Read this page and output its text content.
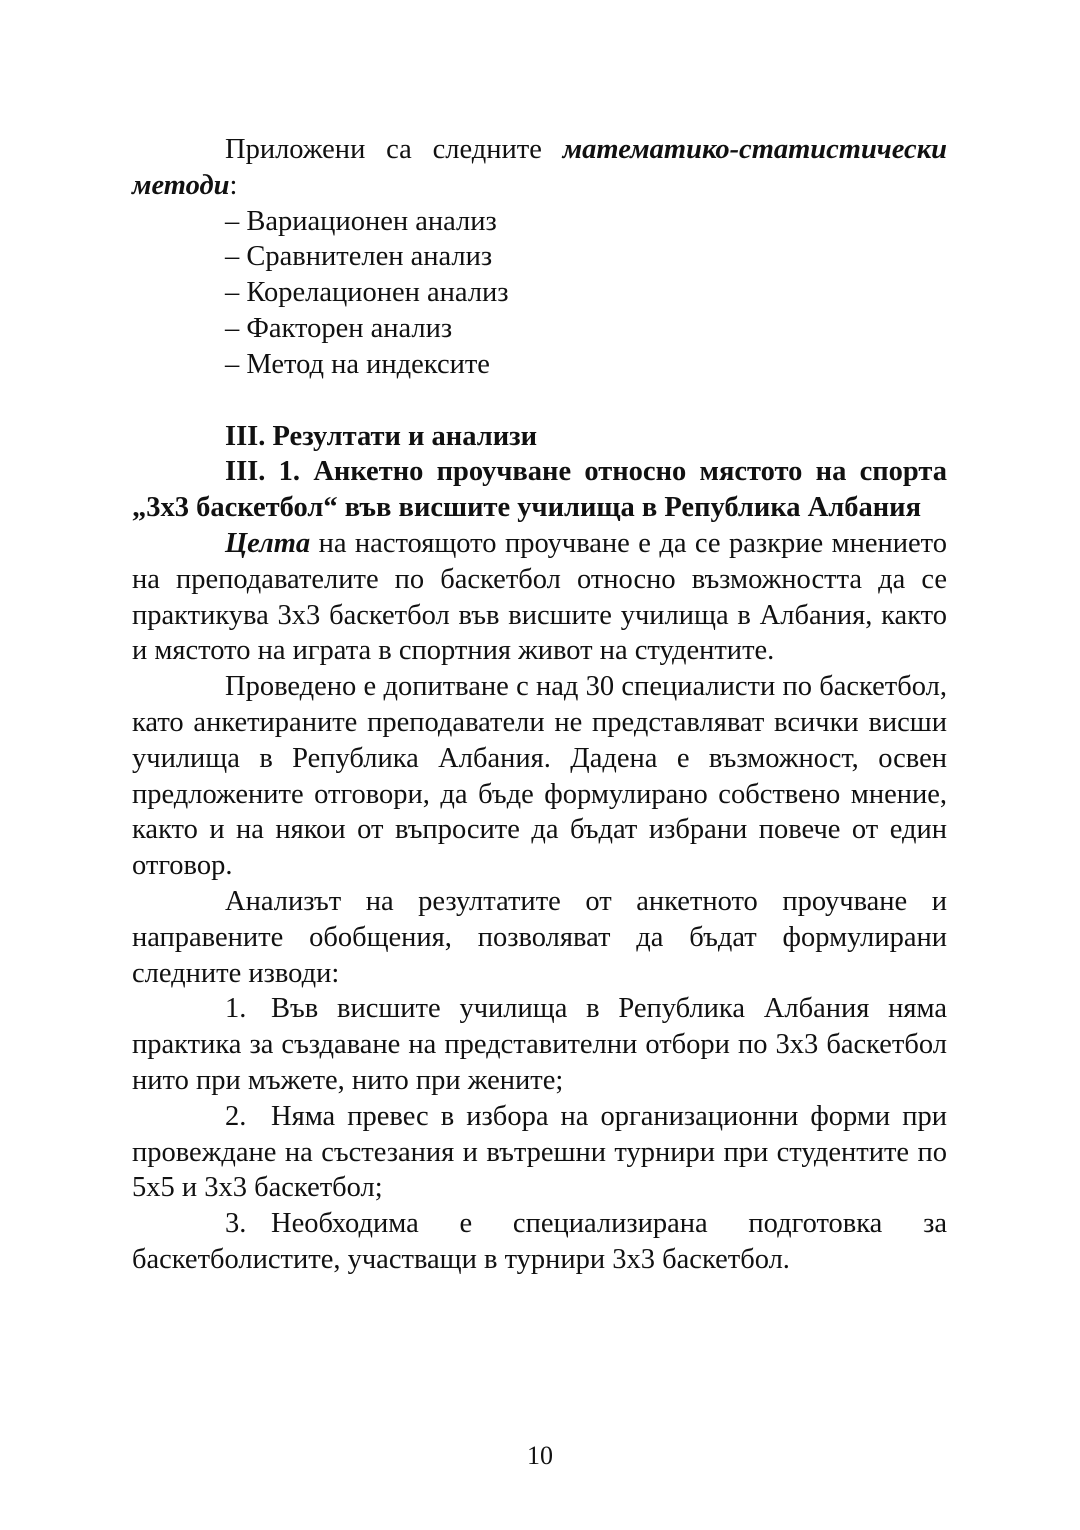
Приложени са следните математико-статистически методи:

– Вариационен анализ

– Сравнителен анализ

– Корелационен анализ

– Факторен анализ

– Метод на индексите

III. Резултати и анализи

III. 1. Анкетно проучване относно мястото на спорта „3x3 баскетбол“ във висшите училища в Република Албания

Целта на настоящото проучване е да се разкрие мнението на преподавателите по баскетбол относно възможността да се практикува 3x3 баскетбол във висшите училища в Албания, както и мястото на играта в спортния живот на студентите.

Проведено е допитване с над 30 специалисти по баскетбол, като анкетираните преподаватели не представляват всички висши училища в Република Албания. Дадена е възможност, освен предложените отговори, да бъде формулирано собствено мнение, както и на някои от въпросите да бъдат избрани повече от един отговор.

Анализът на резултатите от анкетното проучване и направените обобщения, позволяват да бъдат формулирани следните изводи:

1. Във висшите училища в Република Албания няма практика за създаване на представителни отбори по 3x3 баскетбол нито при мъжете, нито при жените;

2. Няма превес в избора на организационни форми при провеждане на състезания и вътрешни турнири при студентите по 5x5 и 3x3 баскетбол;

3. Необходима е специализирана подготовка за баскетболистите, участващи в турнири 3x3 баскетбол.

10
